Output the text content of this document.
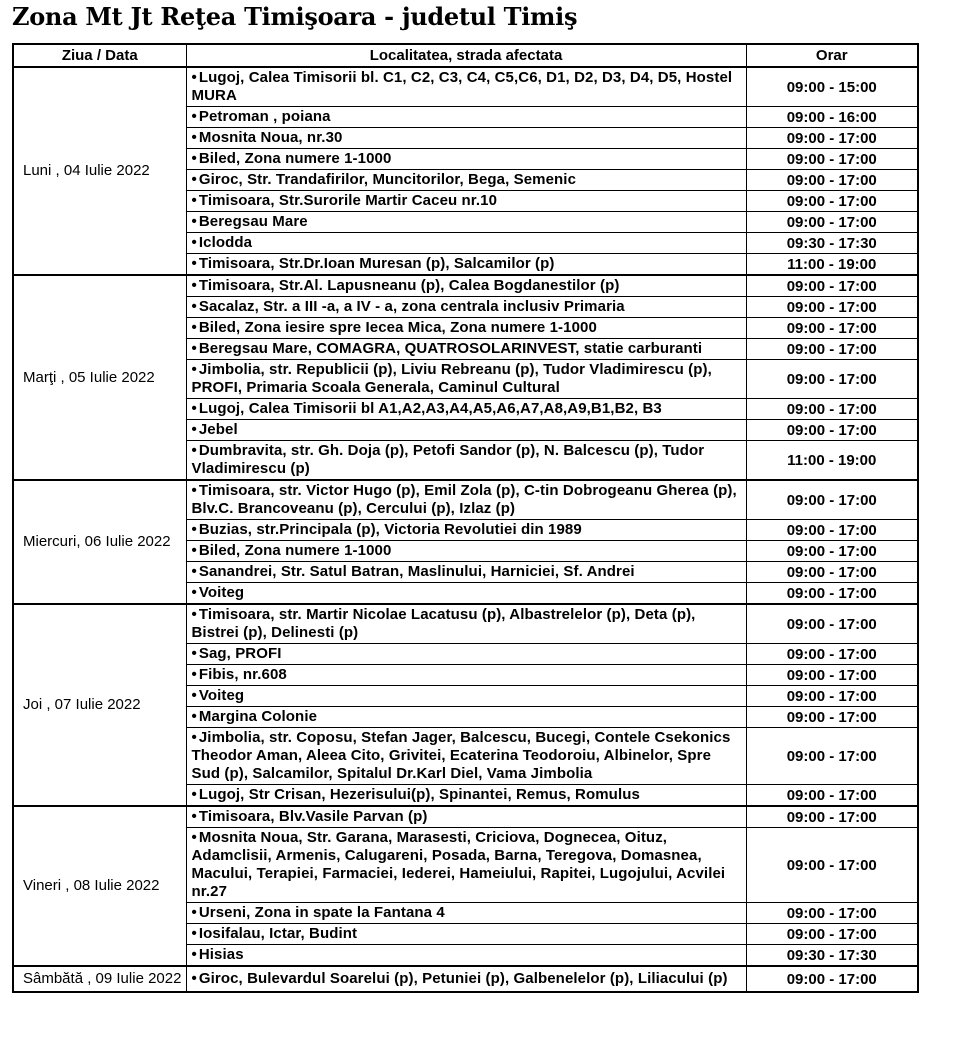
Zona Mt Jt Reţea Timişoara - judetul Timiş
Ziua / Data	Localitatea, strada afectata	Orar
Luni , 04 Iulie 2022	• Lugoj, Calea Timisorii bl. C1, C2, C3, C4, C5,C6, D1, D2, D3, D4, D5, Hostel MURA	09:00 - 15:00
	• Petroman , poiana	09:00 - 16:00
	• Mosnita Noua, nr.30	09:00 - 17:00
	• Biled, Zona numere 1-1000	09:00 - 17:00
	• Giroc, Str. Trandafirilor, Muncitorilor, Bega, Semenic	09:00 - 17:00
	• Timisoara, Str.Surorile Martir Caceu nr.10	09:00 - 17:00
	• Beregsau Mare	09:00 - 17:00
	• Iclodda	09:30 - 17:30
	• Timisoara, Str.Dr.Ioan Muresan (p), Salcamilor (p)	11:00 - 19:00
Marţi , 05 Iulie 2022	• Timisoara, Str.Al. Lapusneanu (p), Calea Bogdanestilor (p)	09:00 - 17:00
	• Sacalaz, Str. a III -a, a IV - a, zona centrala inclusiv Primaria	09:00 - 17:00
	• Biled, Zona iesire spre Iecea Mica, Zona numere 1-1000	09:00 - 17:00
	• Beregsau Mare, COMAGRA, QUATROSOLARINVEST, statie carburanti	09:00 - 17:00
	• Jimbolia, str. Republicii (p), Liviu Rebreanu (p), Tudor Vladimirescu (p), PROFI, Primaria Scoala Generala, Caminul Cultural	09:00 - 17:00
	• Lugoj, Calea Timisorii bl A1,A2,A3,A4,A5,A6,A7,A8,A9,B1,B2, B3	09:00 - 17:00
	• Jebel	09:00 - 17:00
	• Dumbravita, str. Gh. Doja (p), Petofi Sandor (p), N. Balcescu (p), Tudor Vladimirescu (p)	11:00 - 19:00
Miercuri, 06 Iulie 2022	• Timisoara, str. Victor Hugo (p), Emil Zola (p), C-tin Dobrogeanu Gherea (p), Blv.C. Brancoveanu (p), Cercului (p), Izlaz (p)	09:00 - 17:00
	• Buzias, str.Principala (p), Victoria Revolutiei din 1989	09:00 - 17:00
	• Biled, Zona numere 1-1000	09:00 - 17:00
	• Sanandrei, Str. Satul Batran, Maslinului, Harniciei, Sf. Andrei	09:00 - 17:00
	• Voiteg	09:00 - 17:00
Joi , 07 Iulie 2022	• Timisoara, str. Martir Nicolae Lacatusu (p), Albastrelelor (p), Deta (p), Bistrei (p), Delinesti (p)	09:00 - 17:00
	• Sag, PROFI	09:00 - 17:00
	• Fibis, nr.608	09:00 - 17:00
	• Voiteg	09:00 - 17:00
	• Margina Colonie	09:00 - 17:00
	• Jimbolia, str. Coposu, Stefan Jager, Balcescu, Bucegi, Contele Csekonics Theodor Aman, Aleea Cito, Grivitei, Ecaterina Teodoroiu, Albinelor, Spre Sud (p), Salcamilor, Spitalul Dr.Karl Diel, Vama Jimbolia	09:00 - 17:00
	• Lugoj, Str Crisan, Hezerisului(p), Spinantei, Remus, Romulus	09:00 - 17:00
Vineri , 08 Iulie 2022	• Timisoara, Blv.Vasile Parvan (p)	09:00 - 17:00
	• Mosnita Noua, Str. Garana, Marasesti, Criciova, Dognecea, Oituz, Adamclisii, Armenis, Calugareni, Posada, Barna, Teregova, Domasnea, Macului, Terapiei, Farmaciei, Iederei, Hameiului, Rapitei, Lugojului, Acvilei nr.27	09:00 - 17:00
	• Urseni, Zona in spate la Fantana 4	09:00 - 17:00
	• Iosifalau, Ictar, Budint	09:00 - 17:00
	• Hisias	09:30 - 17:30
Sâmbătă , 09 Iulie 2022	• Giroc, Bulevardul Soarelui (p), Petuniei (p), Galbenelelor (p), Liliacului (p)	09:00 - 17:00
